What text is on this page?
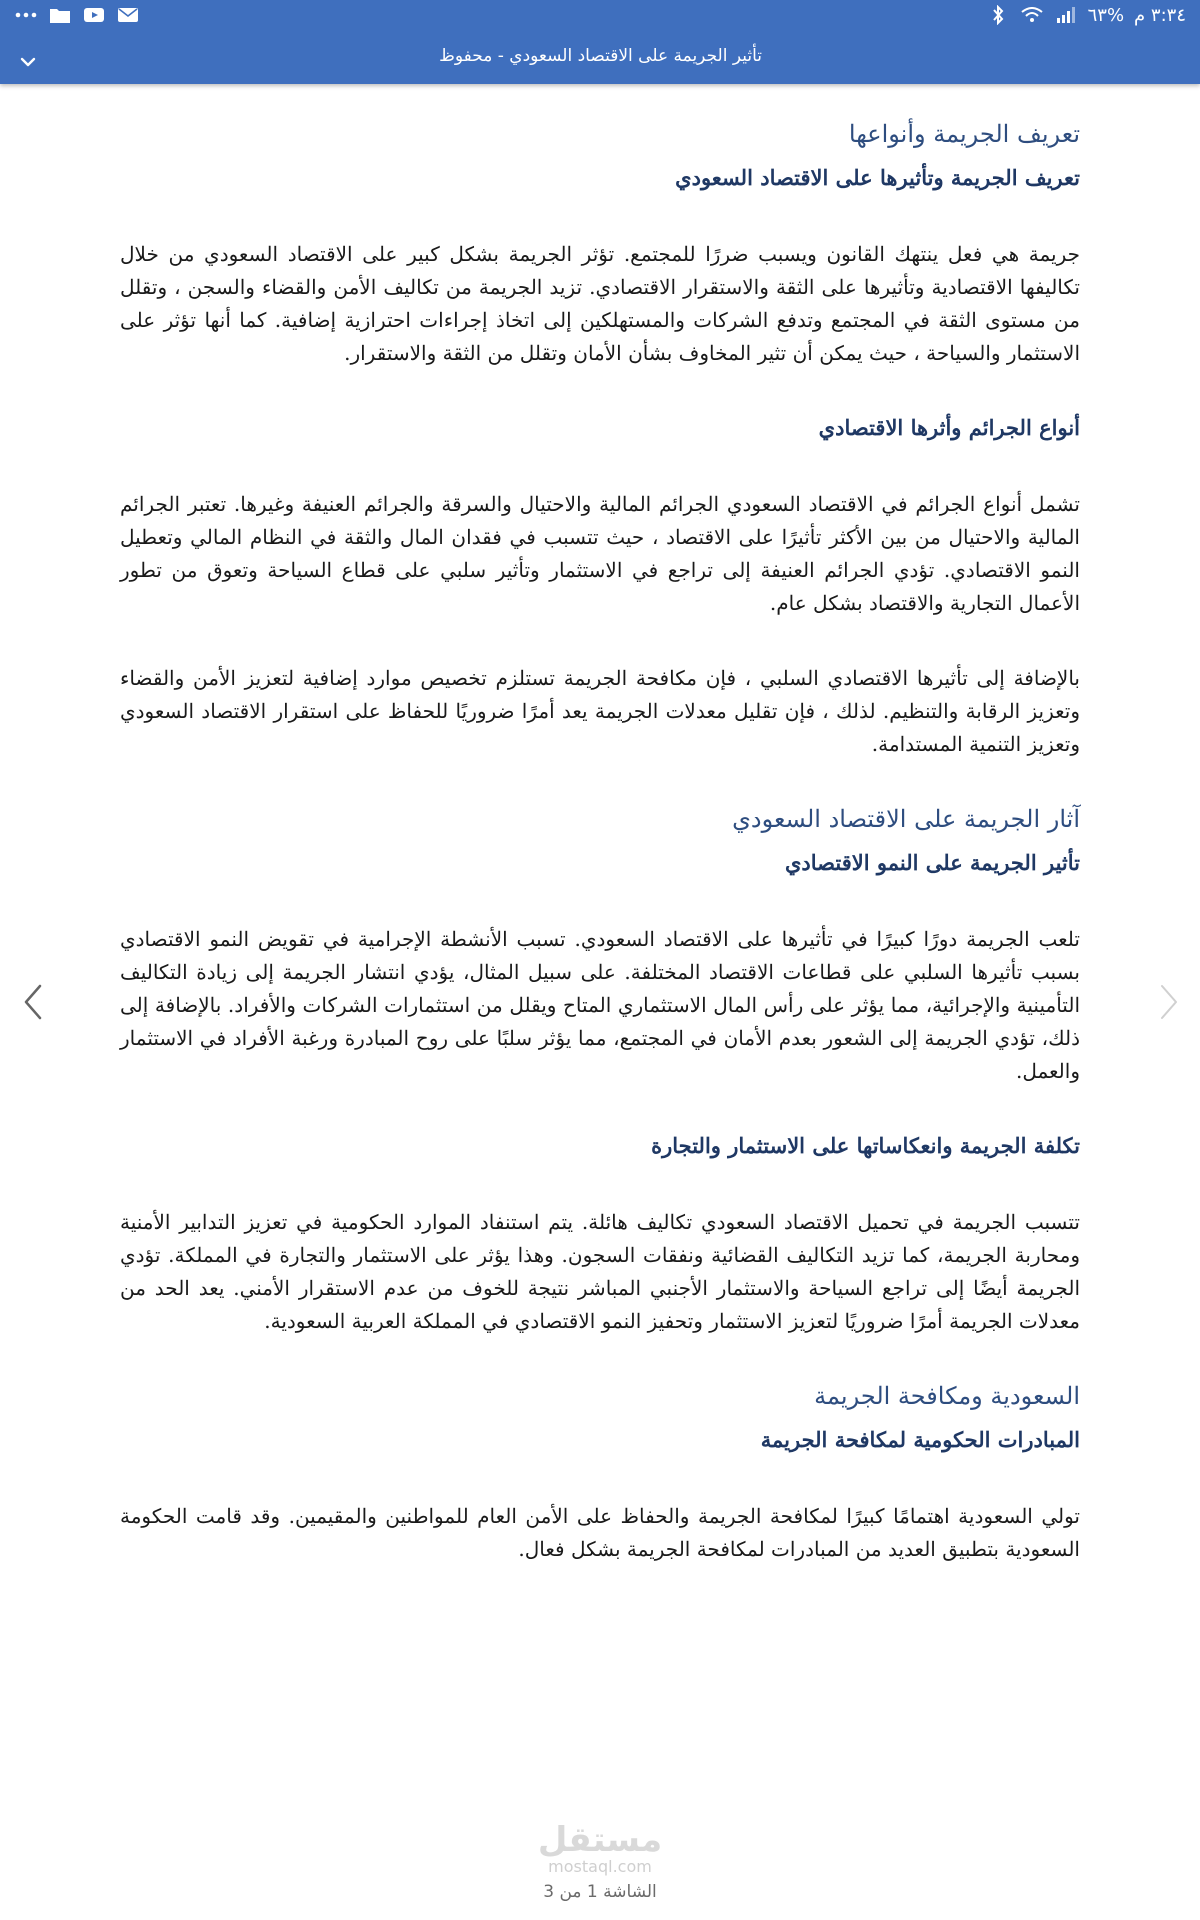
٣:٣٤ م
%٦٣
تأثير الجريمة على الاقتصاد السعودي - محفوظ
تعريف الجريمة وأنواعها
تعريف الجريمة وتأثيرها على الاقتصاد السعودي

جريمة هي فعل ينتهك القانون ويسبب ضررًا للمجتمع. تؤثر الجريمة بشكل كبير على الاقتصاد السعودي من خلال تكاليفها الاقتصادية وتأثيرها على الثقة والاستقرار الاقتصادي. تزيد الجريمة من تكاليف الأمن والقضاء والسجن ، وتقلل من مستوى الثقة في المجتمع وتدفع الشركات والمستهلكين إلى اتخاذ إجراءات احترازية إضافية. كما أنها تؤثر على الاستثمار والسياحة ، حيث يمكن أن تثير المخاوف بشأن الأمان وتقلل من الثقة والاستقرار.

أنواع الجرائم وأثرها الاقتصادي

تشمل أنواع الجرائم في الاقتصاد السعودي الجرائم المالية والاحتيال والسرقة والجرائم العنيفة وغيرها. تعتبر الجرائم المالية والاحتيال من بين الأكثر تأثيرًا على الاقتصاد ، حيث تتسبب في فقدان المال والثقة في النظام المالي وتعطيل النمو الاقتصادي. تؤدي الجرائم العنيفة إلى تراجع في الاستثمار وتأثير سلبي على قطاع السياحة وتعوق من تطور الأعمال التجارية والاقتصاد بشكل عام.

بالإضافة إلى تأثيرها الاقتصادي السلبي ، فإن مكافحة الجريمة تستلزم تخصيص موارد إضافية لتعزيز الأمن والقضاء وتعزيز الرقابة والتنظيم. لذلك ، فإن تقليل معدلات الجريمة يعد أمرًا ضروريًا للحفاظ على استقرار الاقتصاد السعودي وتعزيز التنمية المستدامة.

آثار الجريمة على الاقتصاد السعودي
تأثير الجريمة على النمو الاقتصادي

تلعب الجريمة دورًا كبيرًا في تأثيرها على الاقتصاد السعودي. تسبب الأنشطة الإجرامية في تقويض النمو الاقتصادي بسبب تأثيرها السلبي على قطاعات الاقتصاد المختلفة. على سبيل المثال، يؤدي انتشار الجريمة إلى زيادة التكاليف التأمينية والإجرائية، مما يؤثر على رأس المال الاستثماري المتاح ويقلل من استثمارات الشركات والأفراد. بالإضافة إلى ذلك، تؤدي الجريمة إلى الشعور بعدم الأمان في المجتمع، مما يؤثر سلبًا على روح المبادرة ورغبة الأفراد في الاستثمار والعمل.

تكلفة الجريمة وانعكاساتها على الاستثمار والتجارة

تتسبب الجريمة في تحميل الاقتصاد السعودي تكاليف هائلة. يتم استنفاد الموارد الحكومية في تعزيز التدابير الأمنية ومحاربة الجريمة، كما تزيد التكاليف القضائية ونفقات السجون. وهذا يؤثر على الاستثمار والتجارة في المملكة. تؤدي الجريمة أيضًا إلى تراجع السياحة والاستثمار الأجنبي المباشر نتيجة للخوف من عدم الاستقرار الأمني. يعد الحد من معدلات الجريمة أمرًا ضروريًا لتعزيز الاستثمار وتحفيز النمو الاقتصادي في المملكة العربية السعودية.

السعودية ومكافحة الجريمة
المبادرات الحكومية لمكافحة الجريمة

تولي السعودية اهتمامًا كبيرًا لمكافحة الجريمة والحفاظ على الأمن العام للمواطنين والمقيمين. وقد قامت الحكومة السعودية بتطبيق العديد من المبادرات لمكافحة الجريمة بشكل فعال.

مستقل
mostaql.com
الشاشة 1 من 3
